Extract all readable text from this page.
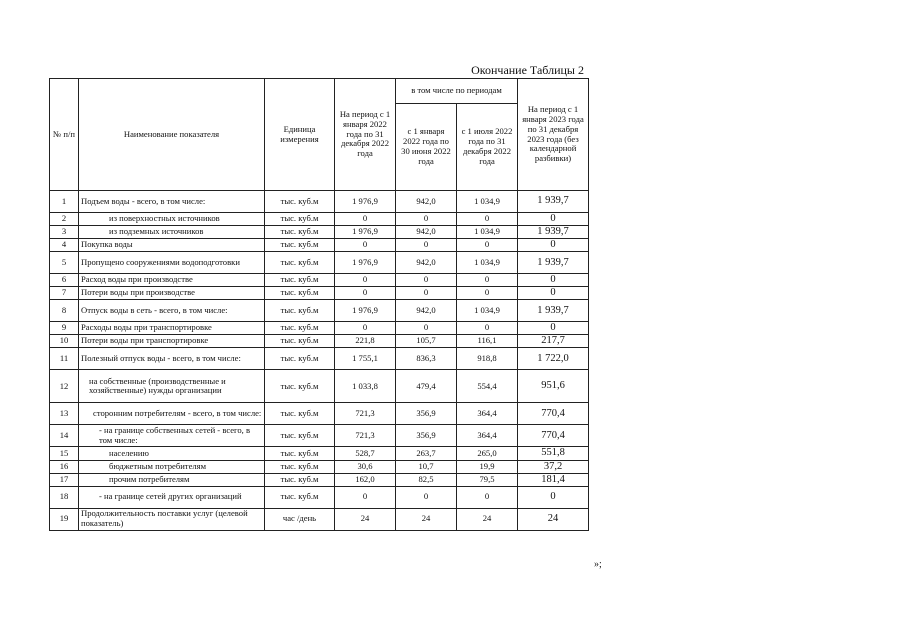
Окончание Таблицы 2
№ п/п	Наименование показателя	Единица измерения	На период с 1 января 2022 года по 31 декабря 2022 года	в том числе по периодам		На период с 1 января 2023 года по 31 декабря 2023 года (без календарной разбивки)
				с 1 января 2022 года по 30 июня 2022 года	с 1 июля 2022 года по 31 декабря 2022 года	
1	Подъем воды - всего, в том числе:	тыс. куб.м	1 976,9	942,0	1 034,9	1 939,7
2	из поверхностных источников	тыс. куб.м	0	0	0	0
3	из подземных источников	тыс. куб.м	1 976,9	942,0	1 034,9	1 939,7
4	Покупка воды	тыс. куб.м	0	0	0	0
5	Пропущено сооружениями водоподготовки	тыс. куб.м	1 976,9	942,0	1 034,9	1 939,7
6	Расход воды при производстве	тыс. куб.м	0	0	0	0
7	Потери воды при производстве	тыс. куб.м	0	0	0	0
8	Отпуск воды в сеть - всего, в том числе:	тыс. куб.м	1 976,9	942,0	1 034,9	1 939,7
9	Расходы воды при транспортировке	тыс. куб.м	0	0	0	0
10	Потери воды при транспортировке	тыс. куб.м	221,8	105,7	116,1	217,7
11	Полезный отпуск воды - всего, в том числе:	тыс. куб.м	1 755,1	836,3	918,8	1 722,0
12	на собственные (производственные и хозяйственные) нужды организации	тыс. куб.м	1 033,8	479,4	554,4	951,6
13	сторонним потребителям - всего, в том числе:	тыс. куб.м	721,3	356,9	364,4	770,4
14	- на границе собственных сетей - всего, в том числе:	тыс. куб.м	721,3	356,9	364,4	770,4
15	населению	тыс. куб.м	528,7	263,7	265,0	551,8
16	бюджетным потребителям	тыс. куб.м	30,6	10,7	19,9	37,2
17	прочим потребителям	тыс. куб.м	162,0	82,5	79,5	181,4
18	- на границе сетей других организаций	тыс. куб.м	0	0	0	0
19	Продолжительность поставки услуг (целевой показатель)	час /день	24	24	24	24
»;
